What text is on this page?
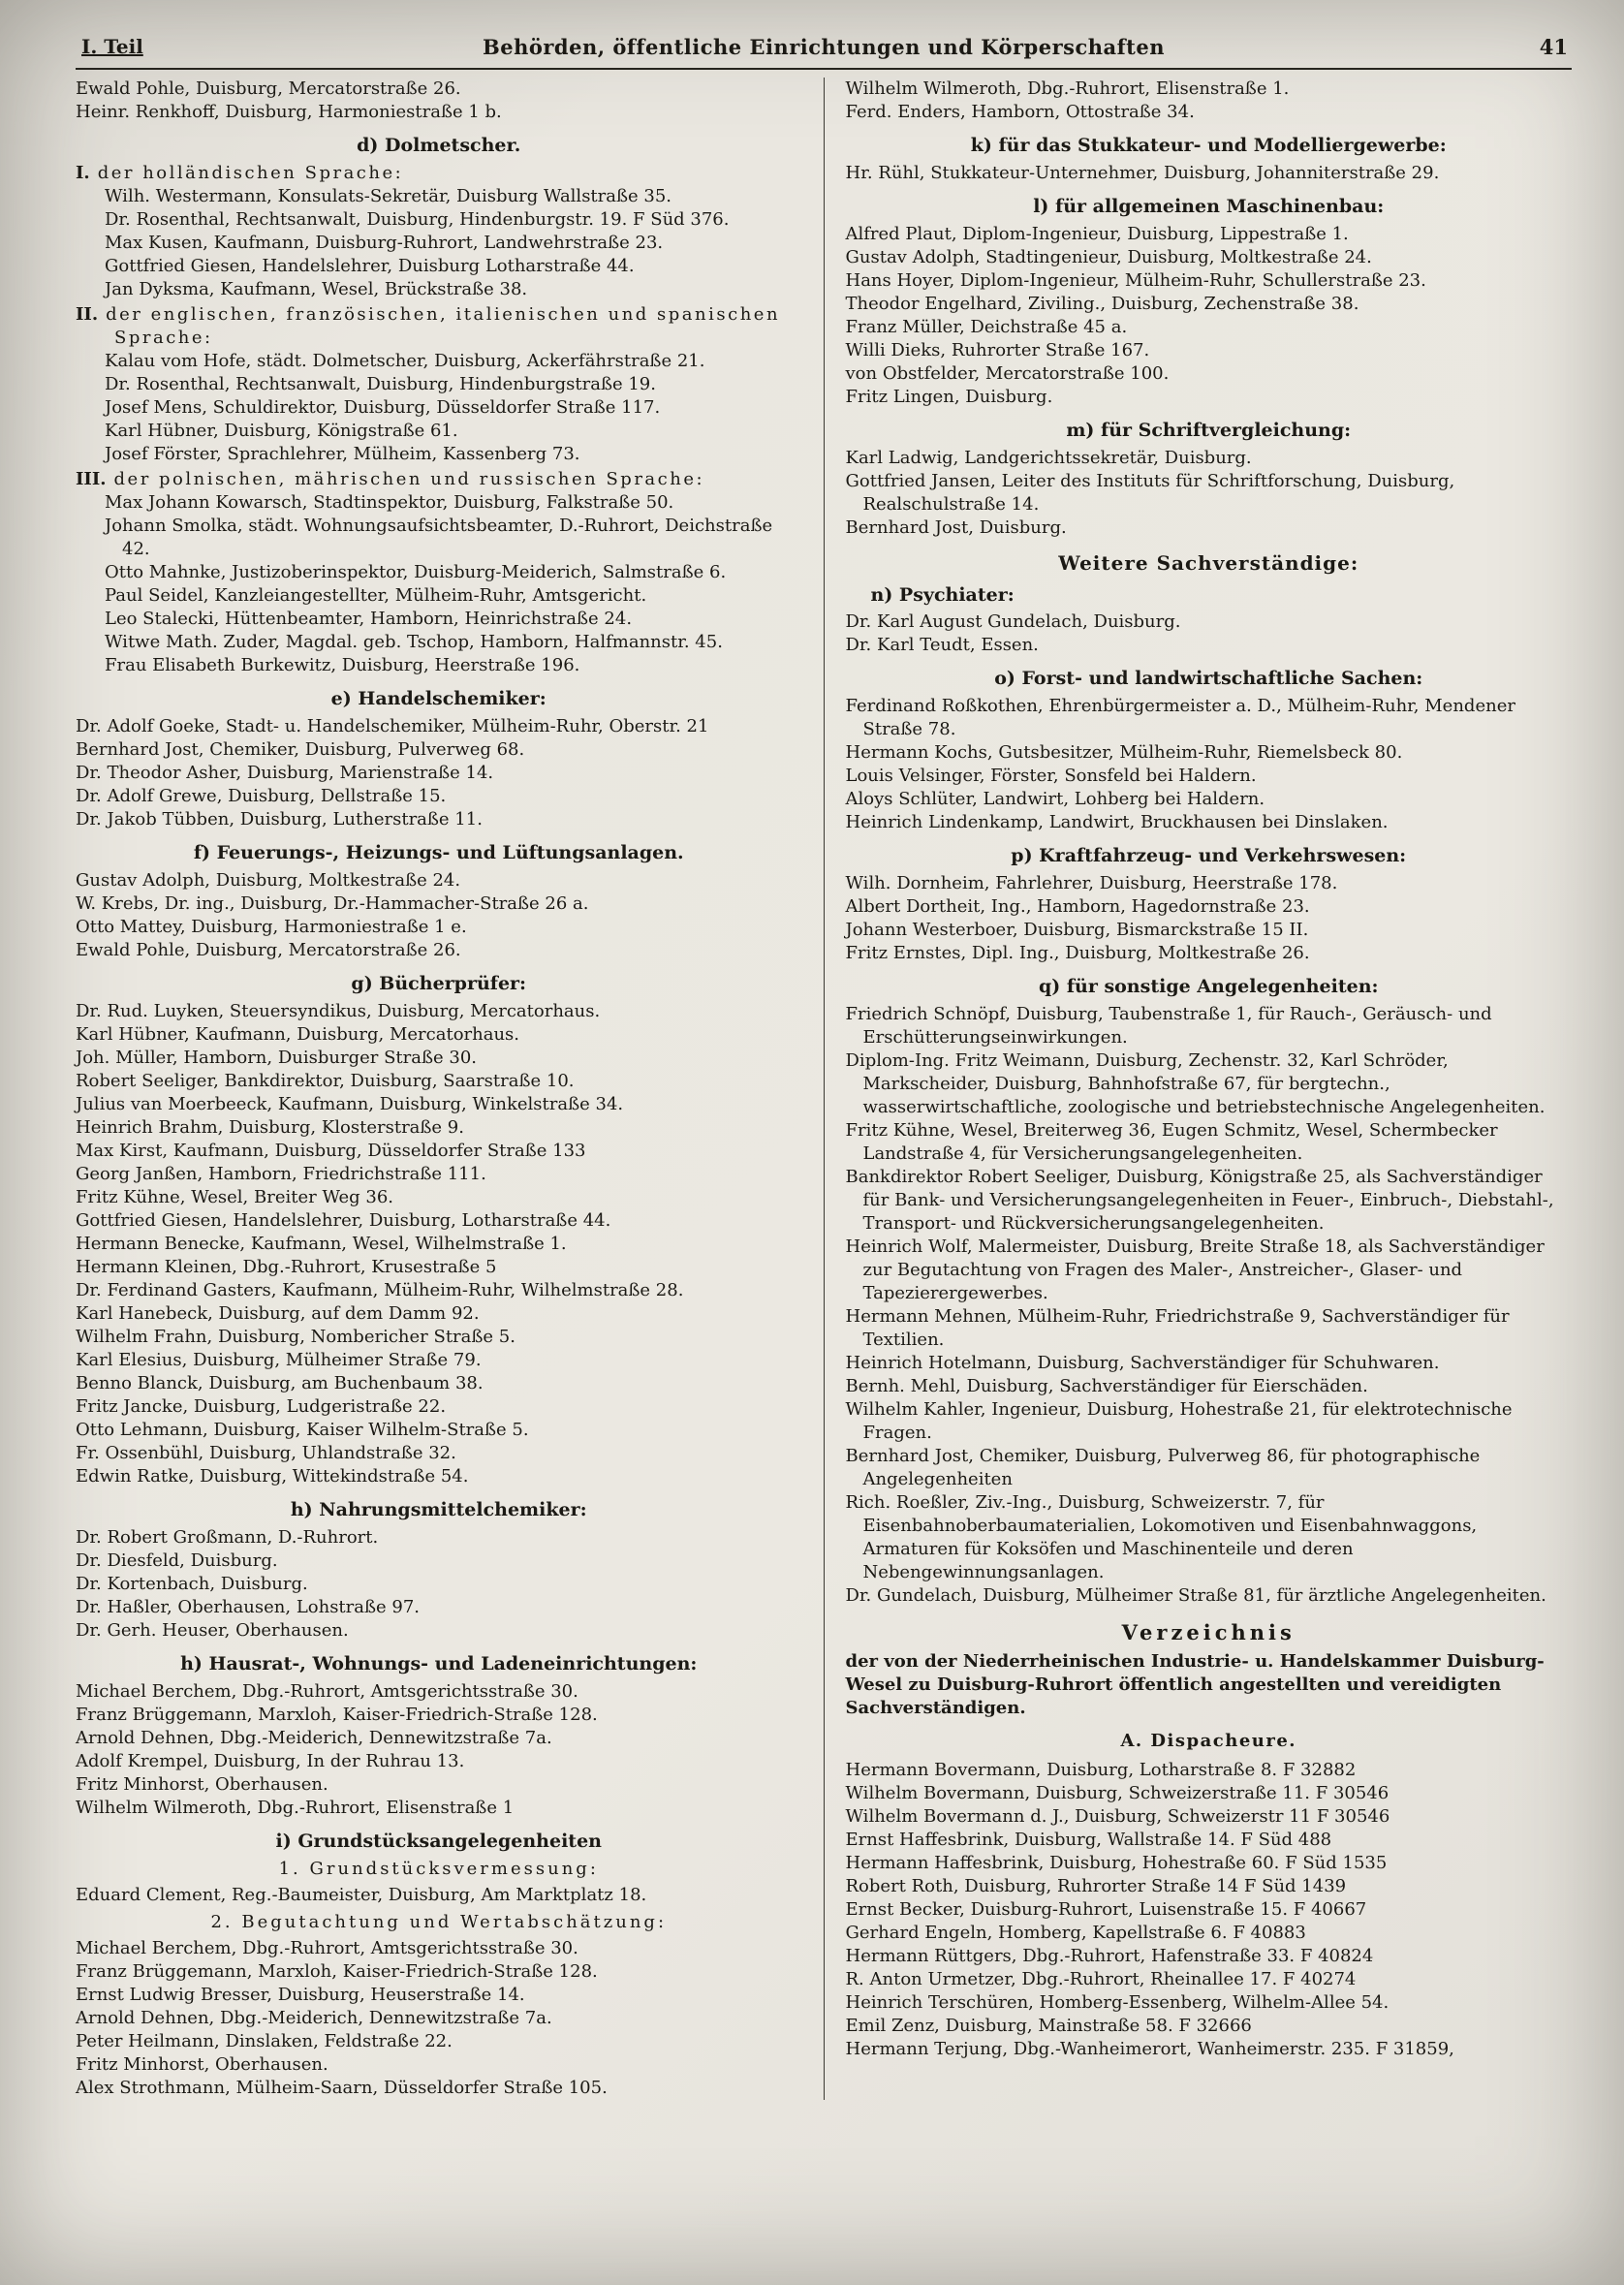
I. Teil	Behörden, öffentliche Einrichtungen und Körperschaften	41
Ewald Pohle, Duisburg, Mercatorstraße 26.
Heinr. Renkhoff, Duisburg, Harmoniestraße 1 b.
d) Dolmetscher.
I. der holländischen Sprache:
Wilh. Westermann, Konsulats-Sekretär, Duisburg Wallstraße 35.
Dr. Rosenthal, Rechtsanwalt, Duisburg, Hindenburgstr. 19. F Süd 376.
Max Kusen, Kaufmann, Duisburg-Ruhrort, Landwehrstraße 23.
Gottfried Giesen, Handelslehrer, Duisburg Lotharstraße 44.
Jan Dyksma, Kaufmann, Wesel, Brückstraße 38.
II. der englischen, französischen, italienischen und spanischen Sprache:
Kalau vom Hofe, städt. Dolmetscher, Duisburg, Ackerfährstraße 21.
Dr. Rosenthal, Rechtsanwalt, Duisburg, Hindenburgstraße 19.
Josef Mens, Schuldirektor, Duisburg, Düsseldorfer Straße 117.
Karl Hübner, Duisburg, Königstraße 61.
Josef Förster, Sprachlehrer, Mülheim, Kassenberg 73.
III. der polnischen, mährischen und russischen Sprache:
Max Johann Kowarsch, Stadtinspektor, Duisburg, Falkstraße 50.
Johann Smolka, städt. Wohnungsaufsichtsbeamter, D.-Ruhrort, Deichstraße 42.
Otto Mahnke, Justizoberinspektor, Duisburg-Meiderich, Salmstraße 6.
Paul Seidel, Kanzleiangestellter, Mülheim-Ruhr, Amtsgericht.
Leo Stalecki, Hüttenbeamter, Hamborn, Heinrichstraße 24.
Witwe Math. Zuder, Magdal. geb. Tschop, Hamborn, Halfmannstr. 45.
Frau Elisabeth Burkewitz, Duisburg, Heerstraße 196.
e) Handelschemiker:
Dr. Adolf Goeke, Stadt- u. Handelschemiker, Mülheim-Ruhr, Oberstr. 21
Bernhard Jost, Chemiker, Duisburg, Pulverweg 68.
Dr. Theodor Asher, Duisburg, Marienstraße 14.
Dr. Adolf Grewe, Duisburg, Dellstraße 15.
Dr. Jakob Tübben, Duisburg, Lutherstraße 11.
f) Feuerungs-, Heizungs- und Lüftungsanlagen.
Gustav Adolph, Duisburg, Moltkestraße 24.
W. Krebs, Dr. ing., Duisburg, Dr.-Hammacher-Straße 26 a.
Otto Mattey, Duisburg, Harmoniestraße 1 e.
Ewald Pohle, Duisburg, Mercatorstraße 26.
g) Bücherprüfer:
Dr. Rud. Luyken, Steuersyndikus, Duisburg, Mercatorhaus.
Karl Hübner, Kaufmann, Duisburg, Mercatorhaus.
Joh. Müller, Hamborn, Duisburger Straße 30.
Robert Seeliger, Bankdirektor, Duisburg, Saarstraße 10.
Julius van Moerbeeck, Kaufmann, Duisburg, Winkelstraße 34.
Heinrich Brahm, Duisburg, Klosterstraße 9.
Max Kirst, Kaufmann, Duisburg, Düsseldorfer Straße 133
Georg Janßen, Hamborn, Friedrichstraße 111.
Fritz Kühne, Wesel, Breiter Weg 36.
Gottfried Giesen, Handelslehrer, Duisburg, Lotharstraße 44.
Hermann Benecke, Kaufmann, Wesel, Wilhelmstraße 1.
Hermann Kleinen, Dbg.-Ruhrort, Krusestraße 5
Dr. Ferdinand Gasters, Kaufmann, Mülheim-Ruhr, Wilhelmstraße 28.
Karl Hanebeck, Duisburg, auf dem Damm 92.
Wilhelm Frahn, Duisburg, Nombericher Straße 5.
Karl Elesius, Duisburg, Mülheimer Straße 79.
Benno Blanck, Duisburg, am Buchenbaum 38.
Fritz Jancke, Duisburg, Ludgeristraße 22.
Otto Lehmann, Duisburg, Kaiser Wilhelm-Straße 5.
Fr. Ossenbühl, Duisburg, Uhlandstraße 32.
Edwin Ratke, Duisburg, Wittekindstraße 54.
h) Nahrungsmittelchemiker:
Dr. Robert Großmann, D.-Ruhrort.
Dr. Diesfeld, Duisburg.
Dr. Kortenbach, Duisburg.
Dr. Haßler, Oberhausen, Lohstraße 97.
Dr. Gerh. Heuser, Oberhausen.
h) Hausrat-, Wohnungs- und Ladeneinrichtungen:
Michael Berchem, Dbg.-Ruhrort, Amtsgerichtsstraße 30.
Franz Brüggemann, Marxloh, Kaiser-Friedrich-Straße 128.
Arnold Dehnen, Dbg.-Meiderich, Dennewitzstraße 7a.
Adolf Krempel, Duisburg, In der Ruhrau 13.
Fritz Minhorst, Oberhausen.
Wilhelm Wilmeroth, Dbg.-Ruhrort, Elisenstraße 1
i) Grundstücksangelegenheiten
1. Grundstücksvermessung:
Eduard Clement, Reg.-Baumeister, Duisburg, Am Marktplatz 18.
2. Begutachtung und Wertabschätzung:
Michael Berchem, Dbg.-Ruhrort, Amtsgerichtsstraße 30.
Franz Brüggemann, Marxloh, Kaiser-Friedrich-Straße 128.
Ernst Ludwig Bresser, Duisburg, Heuserstraße 14.
Arnold Dehnen, Dbg.-Meiderich, Dennewitzstraße 7a.
Peter Heilmann, Dinslaken, Feldstraße 22.
Fritz Minhorst, Oberhausen.
Alex Strothmann, Mülheim-Saarn, Düsseldorfer Straße 105.
Wilhelm Wilmeroth, Dbg.-Ruhrort, Elisenstraße 1.
Ferd. Enders, Hamborn, Ottostraße 34.
k) für das Stukkateur- und Modelliergewerbe:
Hr. Rühl, Stukkateur-Unternehmer, Duisburg, Johanniterstraße 29.
l) für allgemeinen Maschinenbau:
Alfred Plaut, Diplom-Ingenieur, Duisburg, Lippestraße 1.
Gustav Adolph, Stadtingenieur, Duisburg, Moltkestraße 24.
Hans Hoyer, Diplom-Ingenieur, Mülheim-Ruhr, Schullerstraße 23.
Theodor Engelhard, Ziviling., Duisburg, Zechenstraße 38.
Franz Müller, Deichstraße 45 a.
Willi Dieks, Ruhrorter Straße 167.
von Obstfelder, Mercatorstraße 100.
Fritz Lingen, Duisburg.
m) für Schriftvergleichung:
Karl Ladwig, Landgerichtssekretär, Duisburg.
Gottfried Jansen, Leiter des Instituts für Schriftforschung, Duisburg, Realschulstraße 14.
Bernhard Jost, Duisburg.
Weitere Sachverständige:
n) Psychiater:
Dr. Karl August Gundelach, Duisburg.
Dr. Karl Teudt, Essen.
o) Forst- und landwirtschaftliche Sachen:
Ferdinand Roßkothen, Ehrenbürgermeister a. D., Mülheim-Ruhr, Mendener Straße 78.
Hermann Kochs, Gutsbesitzer, Mülheim-Ruhr, Riemelsbeck 80.
Louis Velsinger, Förster, Sonsfeld bei Haldern.
Aloys Schlüter, Landwirt, Lohberg bei Haldern.
Heinrich Lindenkamp, Landwirt, Bruckhausen bei Dinslaken.
p) Kraftfahrzeug- und Verkehrswesen:
Wilh. Dornheim, Fahrlehrer, Duisburg, Heerstraße 178.
Albert Dortheit, Ing., Hamborn, Hagedornstraße 23.
Johann Westerboer, Duisburg, Bismarckstraße 15 II.
Fritz Ernstes, Dipl. Ing., Duisburg, Moltkestraße 26.
q) für sonstige Angelegenheiten:
Friedrich Schnöpf, Duisburg, Taubenstraße 1, für Rauch-, Geräusch- und Erschütterungseinwirkungen.
Diplom-Ing. Fritz Weimann, Duisburg, Zechenstr. 32, Karl Schröder, Markscheider, Duisburg, Bahnhofstraße 67, für bergtechn., wasserwirtschaftliche, zoologische und betriebstechnische Angelegenheiten.
Fritz Kühne, Wesel, Breiterweg 36, Eugen Schmitz, Wesel, Schermbecker Landstraße 4, für Versicherungsangelegenheiten.
Bankdirektor Robert Seeliger, Duisburg, Königstraße 25, als Sachverständiger für Bank- und Versicherungsangelegenheiten in Feuer-, Einbruch-, Diebstahl-, Transport- und Rückversicherungsangelegenheiten.
Heinrich Wolf, Malermeister, Duisburg, Breite Straße 18, als Sachverständiger zur Begutachtung von Fragen des Maler-, Anstreicher-, Glaser- und Tapezierergewerbes.
Hermann Mehnen, Mülheim-Ruhr, Friedrichstraße 9, Sachverständiger für Textilien.
Heinrich Hotelmann, Duisburg, Sachverständiger für Schuhwaren.
Bernh. Mehl, Duisburg, Sachverständiger für Eierschäden.
Wilhelm Kahler, Ingenieur, Duisburg, Hohestraße 21, für elektrotechnische Fragen.
Bernhard Jost, Chemiker, Duisburg, Pulverweg 86, für photographische Angelegenheiten
Rich. Roeßler, Ziv.-Ing., Duisburg, Schweizerstr. 7, für Eisenbahnoberbaumaterialien, Lokomotiven und Eisenbahnwaggons, Armaturen für Koksöfen und Maschinenteile und deren Nebengewinnungsanlagen.
Dr. Gundelach, Duisburg, Mülheimer Straße 81, für ärztliche Angelegenheiten.
Verzeichnis
der von der Niederrheinischen Industrie- u. Handelskammer Duisburg-Wesel zu Duisburg-Ruhrort öffentlich angestellten und vereidigten Sachverständigen.
A. Dispacheure.
Hermann Bovermann, Duisburg, Lotharstraße 8. F 32882
Wilhelm Bovermann, Duisburg, Schweizerstraße 11. F 30546
Wilhelm Bovermann d. J., Duisburg, Schweizerstr 11 F 30546
Ernst Haffesbrink, Duisburg, Wallstraße 14. F Süd 488
Hermann Haffesbrink, Duisburg, Hohestraße 60. F Süd 1535
Robert Roth, Duisburg, Ruhrorter Straße 14 F Süd 1439
Ernst Becker, Duisburg-Ruhrort, Luisenstraße 15. F 40667
Gerhard Engeln, Homberg, Kapellstraße 6. F 40883
Hermann Rüttgers, Dbg.-Ruhrort, Hafenstraße 33. F 40824
R. Anton Urmetzer, Dbg.-Ruhrort, Rheinallee 17. F 40274
Heinrich Terschüren, Homberg-Essenberg, Wilhelm-Allee 54.
Emil Zenz, Duisburg, Mainstraße 58. F 32666
Hermann Terjung, Dbg.-Wanheimerort, Wanheimerstr. 235. F 31859,
